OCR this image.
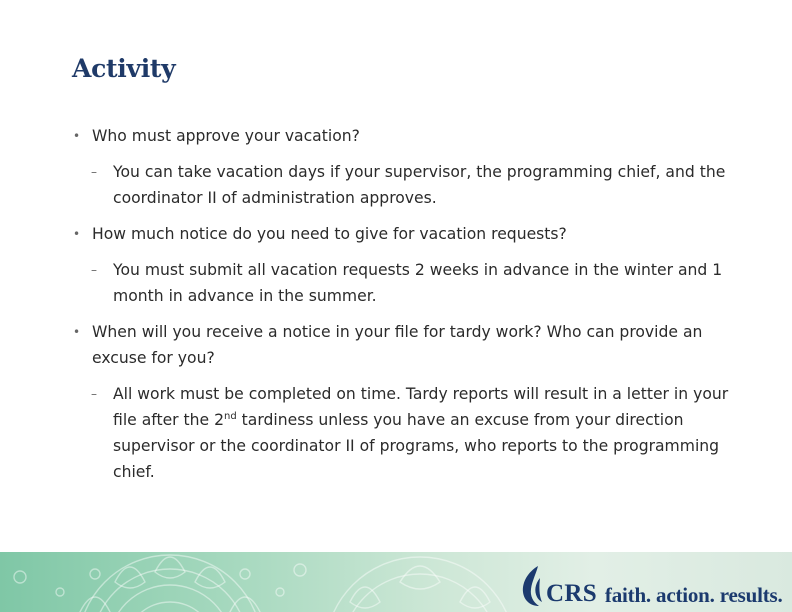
Activity

• Who must approve your vacation?

– You can take vacation days if your supervisor, the programming chief, and the coordinator II of administration approves.

• How much notice do you need to give for vacation requests?

– You must submit all vacation requests 2 weeks in advance in the winter and 1 month in advance in the summer.

• When will you receive a notice in your file for tardy work? Who can provide an excuse for you?

– All work must be completed on time. Tardy reports will result in a letter in your file after the 2nd tardiness unless you have an excuse from your direction supervisor or the coordinator II of programs, who reports to the programming chief.

CRS faith. action. results.
